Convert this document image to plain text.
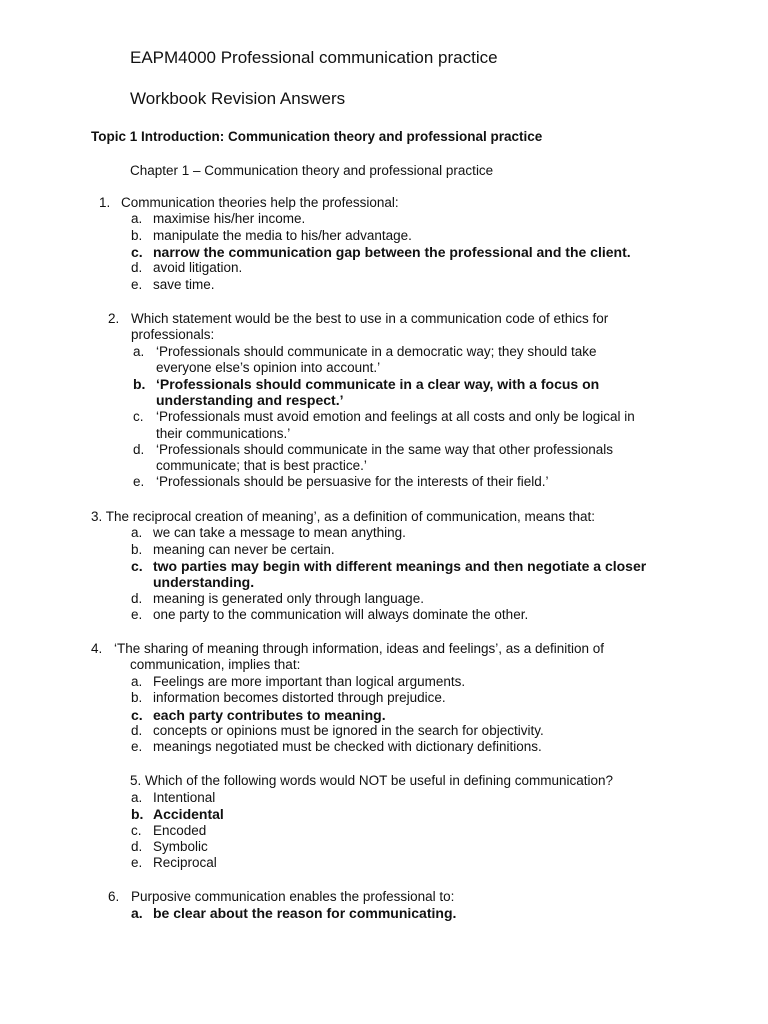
EAPM4000 Professional communication practice

Workbook Revision Answers

Topic 1 Introduction: Communication theory and professional practice

Chapter 1 – Communication theory and professional practice

1. Communication theories help the professional:

a. maximise his/her income.

b. manipulate the media to his/her advantage.

c. narrow the communication gap between the professional and the client.

d. avoid litigation.

e. save time.

2. Which statement would be the best to use in a communication code of ethics for

professionals:

a. ‘Professionals should communicate in a democratic way; they should take

everyone else’s opinion into account.’

b. ‘Professionals should communicate in a clear way, with a focus on

understanding and respect.’

c. ‘Professionals must avoid emotion and feelings at all costs and only be logical in

their communications.’

d. ‘Professionals should communicate in the same way that other professionals

communicate; that is best practice.’

e. ‘Professionals should be persuasive for the interests of their field.’

3. The reciprocal creation of meaning’, as a definition of communication, means that:

a. we can take a message to mean anything.

b. meaning can never be certain.

c. two parties may begin with different meanings and then negotiate a closer

understanding.

d. meaning is generated only through language.

e. one party to the communication will always dominate the other.

4. ‘The sharing of meaning through information, ideas and feelings’, as a definition of

communication, implies that:

a. Feelings are more important than logical arguments.

b. information becomes distorted through prejudice.

c. each party contributes to meaning.

d. concepts or opinions must be ignored in the search for objectivity.

e. meanings negotiated must be checked with dictionary definitions.

5. Which of the following words would NOT be useful in defining communication?

a. Intentional

b. Accidental

c. Encoded

d. Symbolic

e. Reciprocal

6. Purposive communication enables the professional to:

a. be clear about the reason for communicating.
